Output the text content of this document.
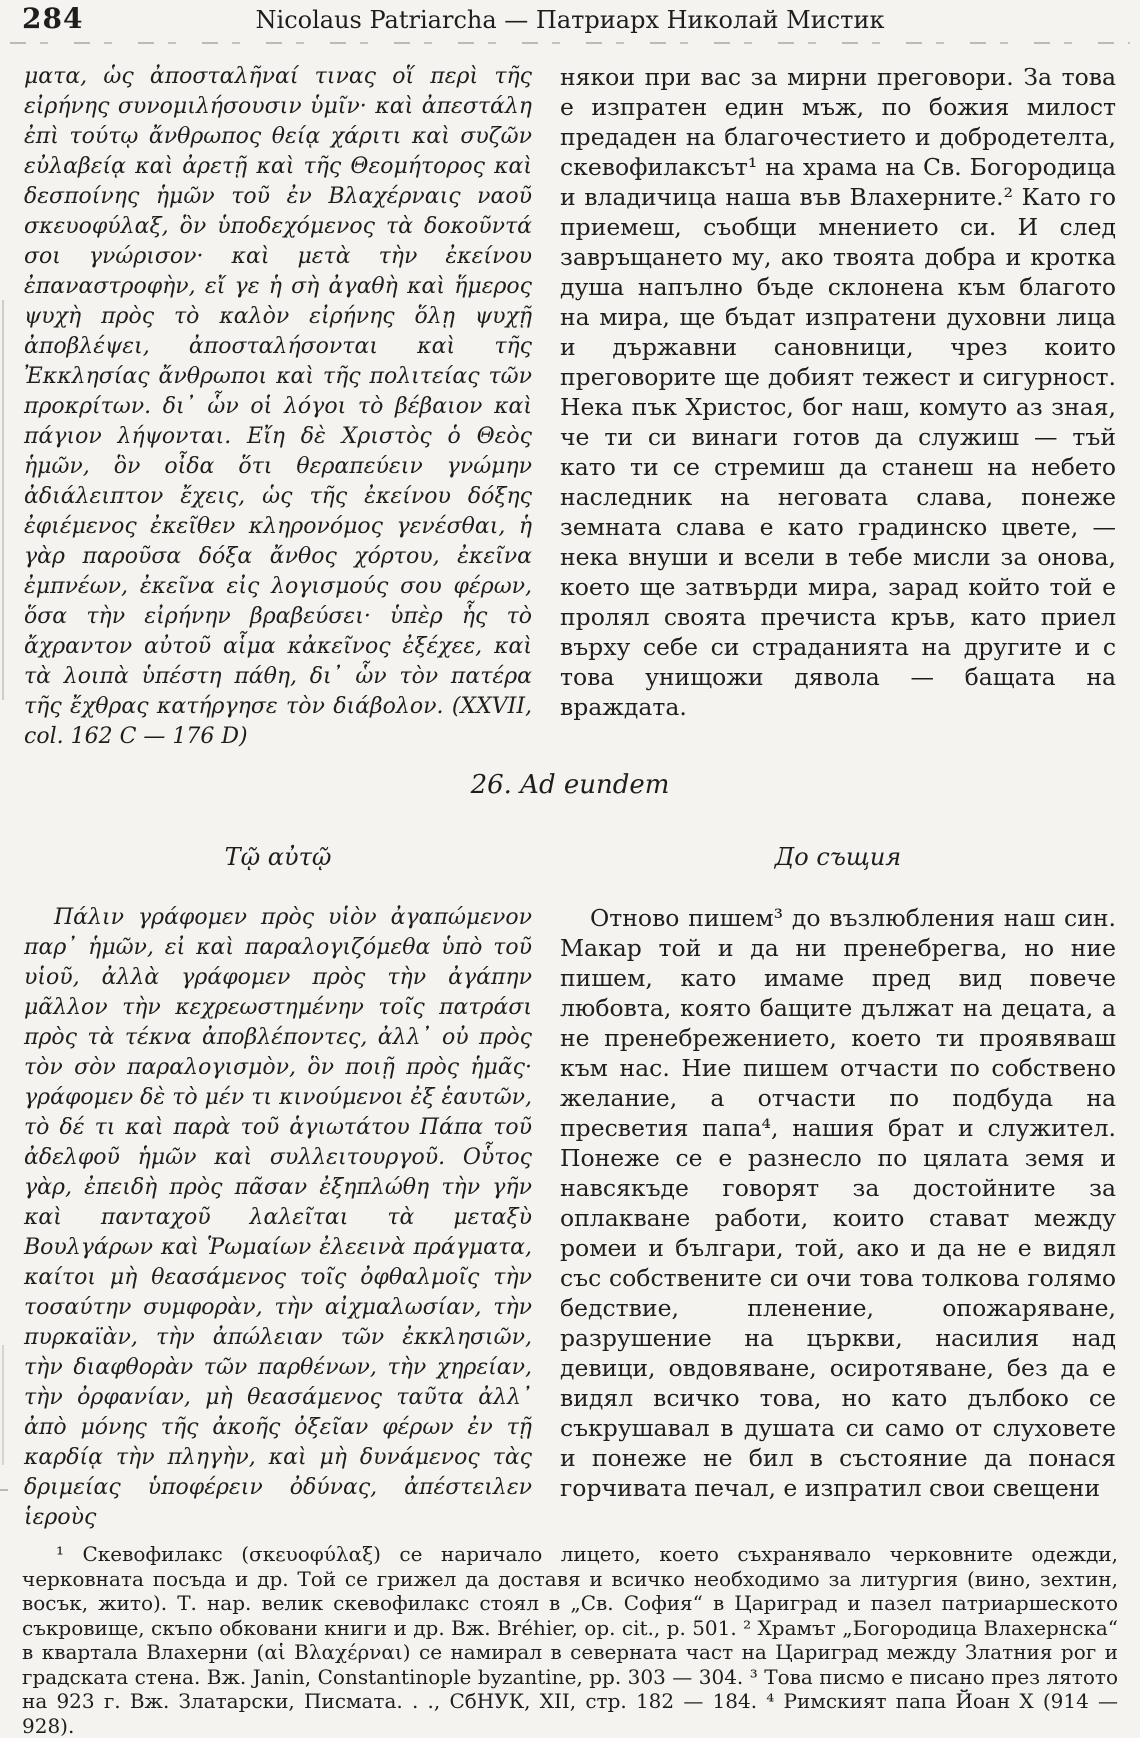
284	Nicolaus Patriarcha — Патриарх Николай Мистик

ματα, ὡς ἀποσταλῆναί τινας οἵ περὶ τῆς εἰρήνης συνομιλήσουσιν ὑμῖν· καὶ ἀπεστάλη ἐπὶ τούτῳ ἄνθρωπος θείᾳ χάριτι καὶ συζῶν εὐλαβείᾳ καὶ ἀρετῇ καὶ τῆς Θεομήτορος καὶ δεσποίνης ἡμῶν τοῦ ἐν Βλαχέρναις ναοῦ σκευοφύλαξ, ὃν ὑποδεχόμενος τὰ δοκοῦντά σοι γνώρισον· καὶ μετὰ τὴν ἐκείνου ἐπαναστροφὴν, εἴ γε ἡ σὴ ἀγαθὴ καὶ ἥμερος ψυχὴ πρὸς τὸ καλὸν εἰρήνης ὅλῃ ψυχῇ ἀποβλέψει, ἀποσταλήσονται καὶ τῆς Ἐκκλησίας ἄνθρωποι καὶ τῆς πολιτείας τῶν προκρίτων. δι᾽ ὧν οἱ λόγοι τὸ βέβαιον καὶ πάγιον λήψονται. Εἴη δὲ Χριστὸς ὁ Θεὸς ἡμῶν, ὃν οἶδα ὅτι θεραπεύειν γνώμην ἀδιάλειπτον ἔχεις, ὡς τῆς ἐκείνου δόξης ἐφιέμενος ἐκεῖθεν κληρονόμος γενέσθαι, ἡ γὰρ παροῦσα δόξα ἄνθος χόρτου, ἐκεῖνα ἐμπνέων, ἐκεῖνα εἰς λογισμούς σου φέρων, ὅσα τὴν εἰρήνην βραβεύσει· ὑπὲρ ἧς τὸ ἄχραντον αὐτοῦ αἷμα κἀκεῖνος ἐξέχεε, καὶ τὰ λοιπὰ ὑπέστη πάθη, δι᾽ ὧν τὸν πατέρα τῆς ἔχθρας κατήργησε τὸν διάβολον. (XXVII, col. 162 C — 176 D)

някои при вас за мирни преговори. За това е изпратен един мъж, по божия милост предаден на благочестието и добродетелта, скевофилаксът¹ на храма на Св. Богородица и владичица наша във Влахерните.² Като го приемеш, съобщи мнението си. И след завръщането му, ако твоята добра и кротка душа напълно бъде склонена към благото на мира, ще бъдат изпратени духовни лица и държавни сановници, чрез които преговорите ще добият тежест и сигурност. Нека пък Христос, бог наш, комуто аз зная, че ти си винаги готов да служиш — тъй като ти се стремиш да станеш на небето наследник на неговата слава, понеже земната слава е като градинско цвете, — нека внуши и всели в тебе мисли за онова, което ще затвърди мира, зарад който той е пролял своята пречиста кръв, като приел върху себе си страданията на другите и с това унищожи дявола — бащата на враждата.

26. Ad eundem
Τῷ αὐτῷ	До същия

Πάλιν γράφομεν πρὸς υἱὸν ἀγαπώμενον παρ᾽ ἡμῶν, εἰ καὶ παραλογιζόμεθα ὑπὸ τοῦ υἱοῦ, ἀλλὰ γράφομεν πρὸς τὴν ἀγάπην μᾶλλον τὴν κεχρεωστημένην τοῖς πατράσι πρὸς τὰ τέκνα ἀποβλέποντες, ἀλλ᾽ οὐ πρὸς τὸν σὸν παραλογισμὸν, ὃν ποιῇ πρὸς ἡμᾶς· γράφομεν δὲ τὸ μέν τι κινούμενοι ἐξ ἑαυτῶν, τὸ δέ τι καὶ παρὰ τοῦ ἁγιωτάτου Πάπα τοῦ ἀδελφοῦ ἡμῶν καὶ συλλειτουργοῦ. Οὗτος γὰρ, ἐπειδὴ πρὸς πᾶσαν ἐξηπλώθη τὴν γῆν καὶ πανταχοῦ λαλεῖται τὰ μεταξὺ Βουλγάρων καὶ Ῥωμαίων ἐλεεινὰ πράγματα, καίτοι μὴ θεασάμενος τοῖς ὀφθαλμοῖς τὴν τοσαύτην συμφορὰν, τὴν αἰχμαλωσίαν, τὴν πυρκαϊὰν, τὴν ἀπώλειαν τῶν ἐκκλησιῶν, τὴν διαφθορὰν τῶν παρθένων, τὴν χηρείαν, τὴν ὀρφανίαν, μὴ θεασάμενος ταῦτα ἀλλ᾽ ἀπὸ μόνης τῆς ἀκοῆς ὀξεῖαν φέρων ἐν τῇ καρδίᾳ τὴν πληγὴν, καὶ μὴ δυνάμενος τὰς δριμείας ὑποφέρειν ὀδύνας, ἀπέστειλεν ἱεροὺς

Отново пишем³ до възлюбления наш син. Макар той и да ни пренебрегва, но ние пишем, като имаме пред вид повече любовта, която бащите дължат на децата, а не пренебрежението, което ти проявяваш към нас. Ние пишем отчасти по собствено желание, а отчасти по подбуда на пресветия папа⁴, нашия брат и служител. Понеже се е разнесло по цялата земя и навсякъде говорят за достойните за оплакване работи, които стават между ромеи и българи, той, ако и да не е видял със собствените си очи това толкова голямо бедствие, пленение, опожаряване, разрушение на църкви, насилия над девици, овдовяване, осиротяване, без да е видял всичко това, но като дълбоко се съкрушавал в душата си само от слуховете и понеже не бил в състояние да понася горчивата печал, е изпратил свои свещени

¹ Скевофилакс (σκευοφύλαξ) се наричало лицето, което съхранявало черковните одежди, черковната посъда и др. Той се грижел да доставя и всичко необходимо за литургия (вино, зехтин, восък, жито). Т. нар. велик скевофилакс стоял в „Св. София“ в Цариград и пазел патриаршеското съкровище, скъпо обковани книги и др. Вж. Bréhier, op. cit., p. 501. ² Храмът „Богородица Влахернска“ в квартала Влахерни (αἱ Βλαχέρναι) се намирал в северната част на Цариград между Златния рог и градската стена. Вж. Janin, Constantinople byzantine, pp. 303 — 304. ³ Това писмо е писано през лятото на 923 г. Вж. Златарски, Писмата. . ., СбНУК, XII, стр. 182 — 184. ⁴ Римският папа Йоан X (914 — 928).
